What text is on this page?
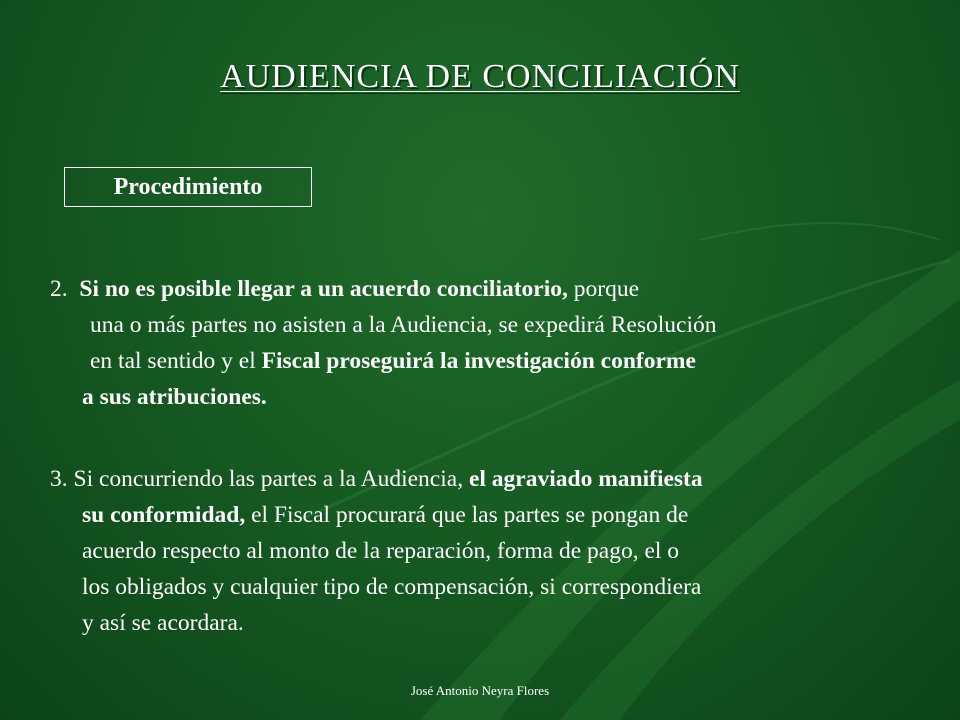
AUDIENCIA DE CONCILIACIÓN
Procedimiento
2. Si no es posible llegar a un acuerdo conciliatorio, porque
una o más partes no asisten a la Audiencia, se expedirá Resolución
en tal sentido y el Fiscal proseguirá la investigación conforme
a sus atribuciones.
3. Si concurriendo las partes a la Audiencia, el agraviado manifiesta
su conformidad, el Fiscal procurará que las partes se pongan de
acuerdo respecto al monto de la reparación, forma de pago, el o
los obligados y cualquier tipo de compensación, si correspondiera
y así se acordara.
José Antonio Neyra Flores
